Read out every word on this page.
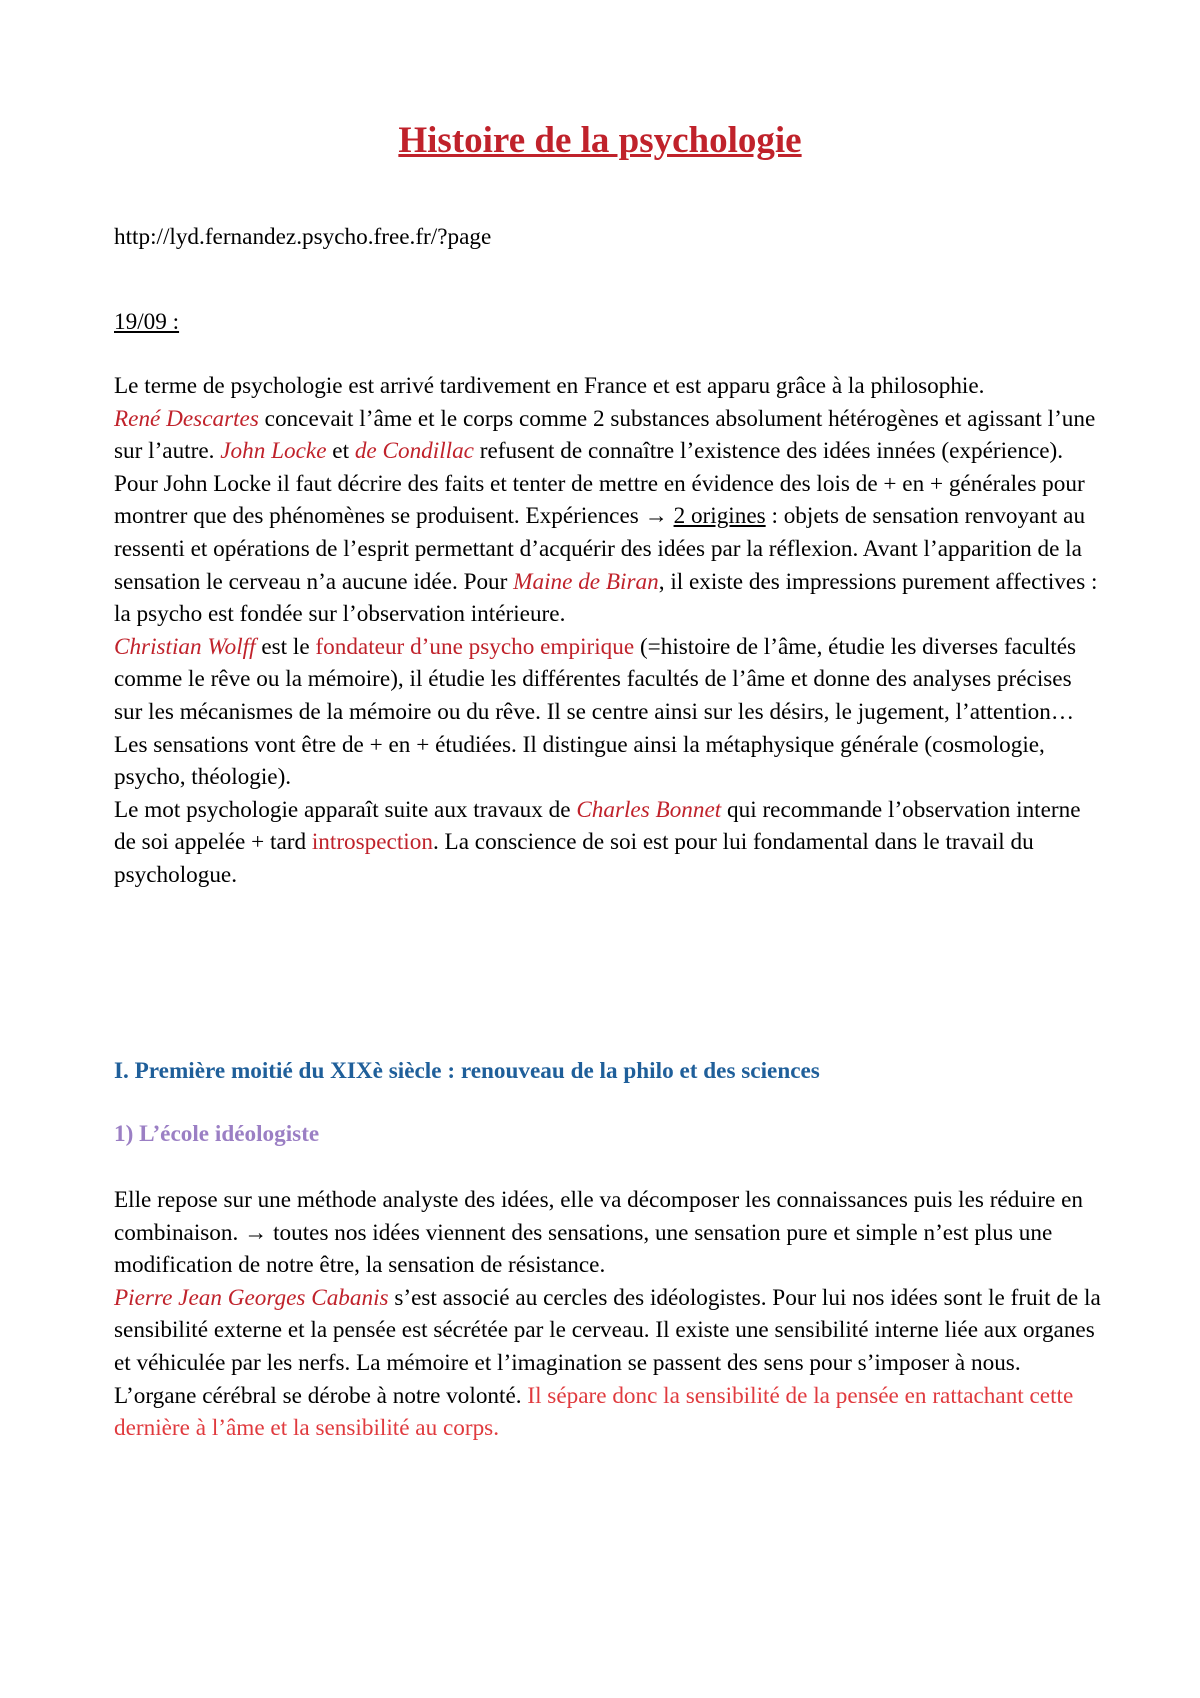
Histoire de la psychologie
http://lyd.fernandez.psycho.free.fr/?page
19/09 :

Le terme de psychologie est arrivé tardivement en France et est apparu grâce à la philosophie.

René Descartes concevait l’âme et le corps comme 2 substances absolument hétérogènes et agissant l’une sur l’autre. John Locke et de Condillac refusent de connaître l’existence des idées innées (expérience). Pour John Locke il faut décrire des faits et tenter de mettre en évidence des lois de + en + générales pour montrer que des phénomènes se produisent. Expériences → 2 origines : objets de sensation renvoyant au ressenti et opérations de l’esprit permettant d’acquérir des idées par la réflexion. Avant l’apparition de la sensation le cerveau n’a aucune idée. Pour Maine de Biran, il existe des impressions purement affectives : la psycho est fondée sur l’observation intérieure.

Christian Wolff est le fondateur d’une psycho empirique (=histoire de l’âme, étudie les diverses facultés comme le rêve ou la mémoire), il étudie les différentes facultés de l’âme et donne des analyses précises sur les mécanismes de la mémoire ou du rêve. Il se centre ainsi sur les désirs, le jugement, l’attention… Les sensations vont être de + en + étudiées. Il distingue ainsi la métaphysique générale (cosmologie, psycho, théologie).

Le mot psychologie apparaît suite aux travaux de Charles Bonnet qui recommande l’observation interne de soi appelée + tard introspection. La conscience de soi est pour lui fondamental dans le travail du psychologue.

I. Première moitié du XIXè siècle : renouveau de la philo et des sciences
1) L’école idéologiste

Elle repose sur une méthode analyste des idées, elle va décomposer les connaissances puis les réduire en combinaison. → toutes nos idées viennent des sensations, une sensation pure et simple n’est plus une modification de notre être, la sensation de résistance.

Pierre Jean Georges Cabanis s’est associé au cercles des idéologistes. Pour lui nos idées sont le fruit de la sensibilité externe et la pensée est sécrétée par le cerveau. Il existe une sensibilité interne liée aux organes et véhiculée par les nerfs. La mémoire et l’imagination se passent des sens pour s’imposer à nous. L’organe cérébral se dérobe à notre volonté. Il sépare donc la sensibilité de la pensée en rattachant cette dernière à l’âme et la sensibilité au corps.
